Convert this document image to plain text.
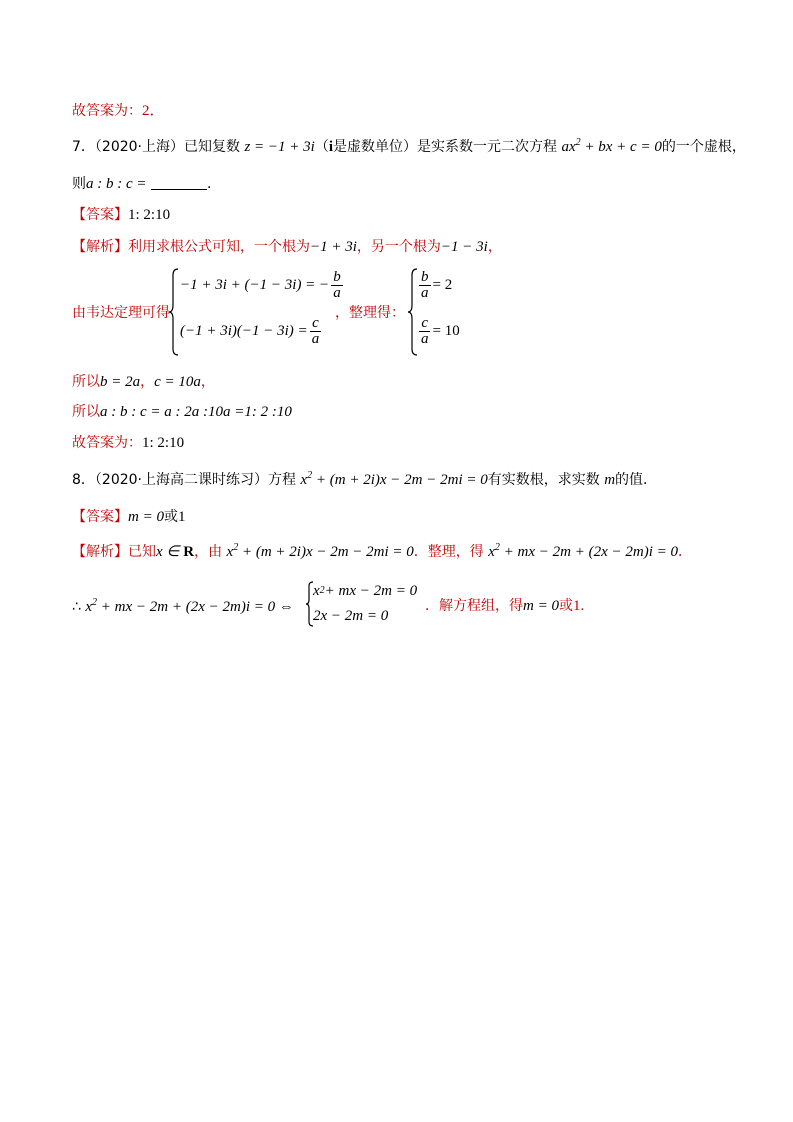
故答案为：2．
7．（2020·上海）已知复数 z = −1 + 3i（i是虚数单位）是实系数一元二次方程 $ax^2$ + bx + c = 0的一个虚根，
则a : b : c =	.
【答案】1: 2:10
【解析】利用求根公式可知，一个根为−1 + 3i，另一个根为−1 − 3i，
由韦达定理可得
−1 + 3i + (−1 − 3i) = − $\frac{b}{a}$
$(-1 + 3i)(-1 - 3i) = \frac{c}{a}$
，整理得：
$\frac{b}{a} = 2$
$\frac{c}{a} = 10$
所以b = 2a，c = 10a，
所以a : b : c = a : 2a :10a =1: 2 :10
故答案为：1: 2:10
8．（2020·上海高二课时练习）方程 $x^2 + (m + 2i)x - 2m - 2mi = 0$有实数根，求实数 m的值．
【答案】m = 0或1
【解析】已知x ∈ R，由 $x^2 + (m + 2i)x - 2m - 2mi = 0$．整理，得 $x^2$ + mx − 2m + (2x − 2m)i = 0．
∴ $x^2$ + mx − 2m + (2x − 2m)i = 0 ⇔
x 2 + mx − 2m = 0
2x − 2m = 0
．解方程组，得m = 0或1.
